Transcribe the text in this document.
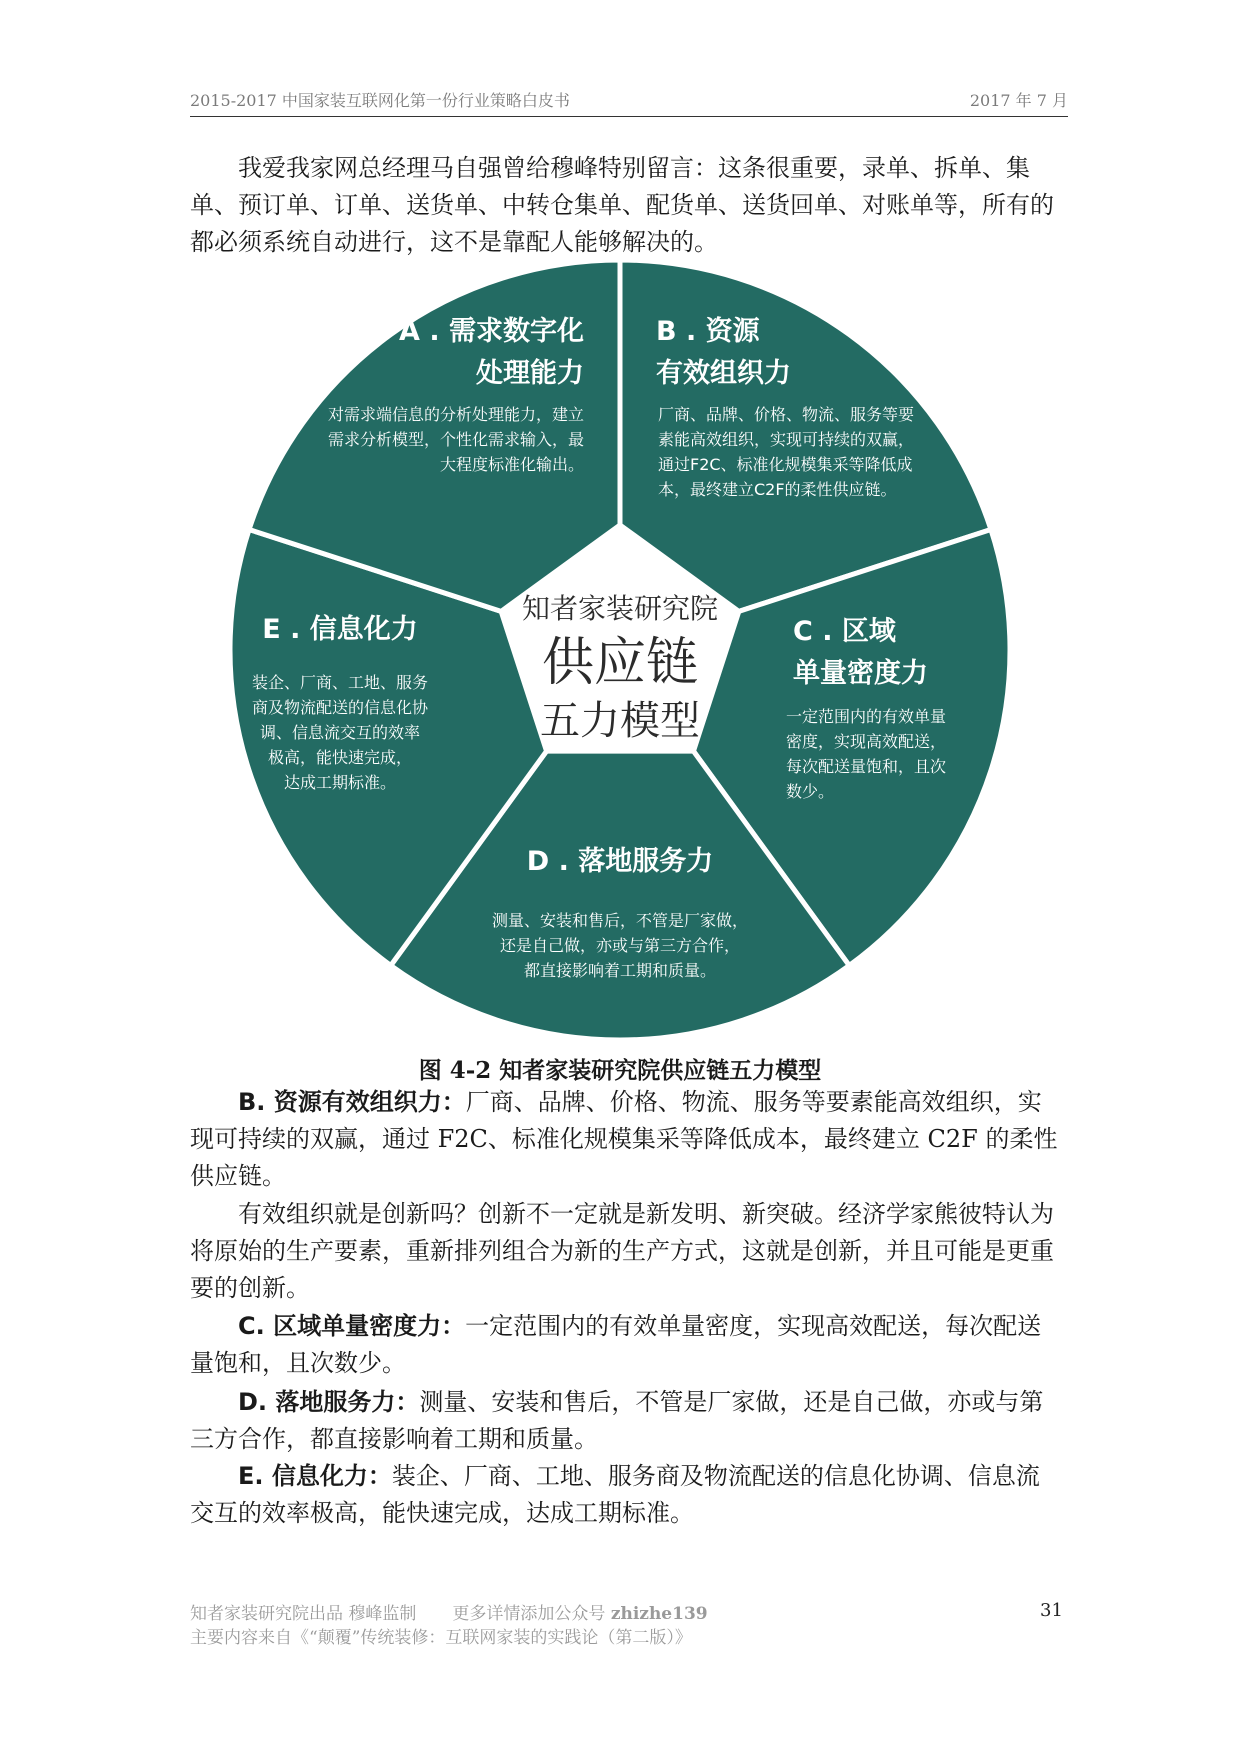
2015-2017 中国家装互联网化第一份行业策略白皮书	2017 年 7 月
我爱我家网总经理马自强曾给穆峰特别留言：这条很重要，录单、拆单、集单、预订单、订单、送货单、中转仓集单、配货单、送货回单、对账单等，所有的都必须系统自动进行，这不是靠配人能够解决的。
A . 需求数字化
处理能力
对需求端信息的分析处理能力，建立
需求分析模型，个性化需求输入，最
大程度标准化输出。
B . 资源
有效组织力
厂商、品牌、价格、物流、服务等要
素能高效组织，实现可持续的双赢，
通过F2C、标准化规模集采等降低成
本，最终建立C2F的柔性供应链。
C . 区域
单量密度力
一定范围内的有效单量
密度，实现高效配送，
每次配送量饱和，且次
数少。
D . 落地服务力
测量、安装和售后，不管是厂家做，
还是自己做，亦或与第三方合作，
都直接影响着工期和质量。
E . 信息化力
装企、厂商、工地、服务
商及物流配送的信息化协
调、信息流交互的效率
极高，能快速完成，
达成工期标准。
知者家装研究院
供应链
五力模型
图 4-2 知者家装研究院供应链五力模型
B. 资源有效组织力：厂商、品牌、价格、物流、服务等要素能高效组织，实现可持续的双赢，通过 F2C、标准化规模集采等降低成本，最终建立 C2F 的柔性供应链。
有效组织就是创新吗？创新不一定就是新发明、新突破。经济学家熊彼特认为将原始的生产要素，重新排列组合为新的生产方式，这就是创新，并且可能是更重要的创新。
C. 区域单量密度力：一定范围内的有效单量密度，实现高效配送，每次配送量饱和，且次数少。
D. 落地服务力：测量、安装和售后，不管是厂家做，还是自己做，亦或与第三方合作，都直接影响着工期和质量。
E. 信息化力：装企、厂商、工地、服务商及物流配送的信息化协调、信息流交互的效率极高，能快速完成，达成工期标准。
知者家装研究院出品 穆峰监制 更多详情添加公众号 zhizhe139
主要内容来自《“颠覆”传统装修：互联网家装的实践论（第二版）》
31
